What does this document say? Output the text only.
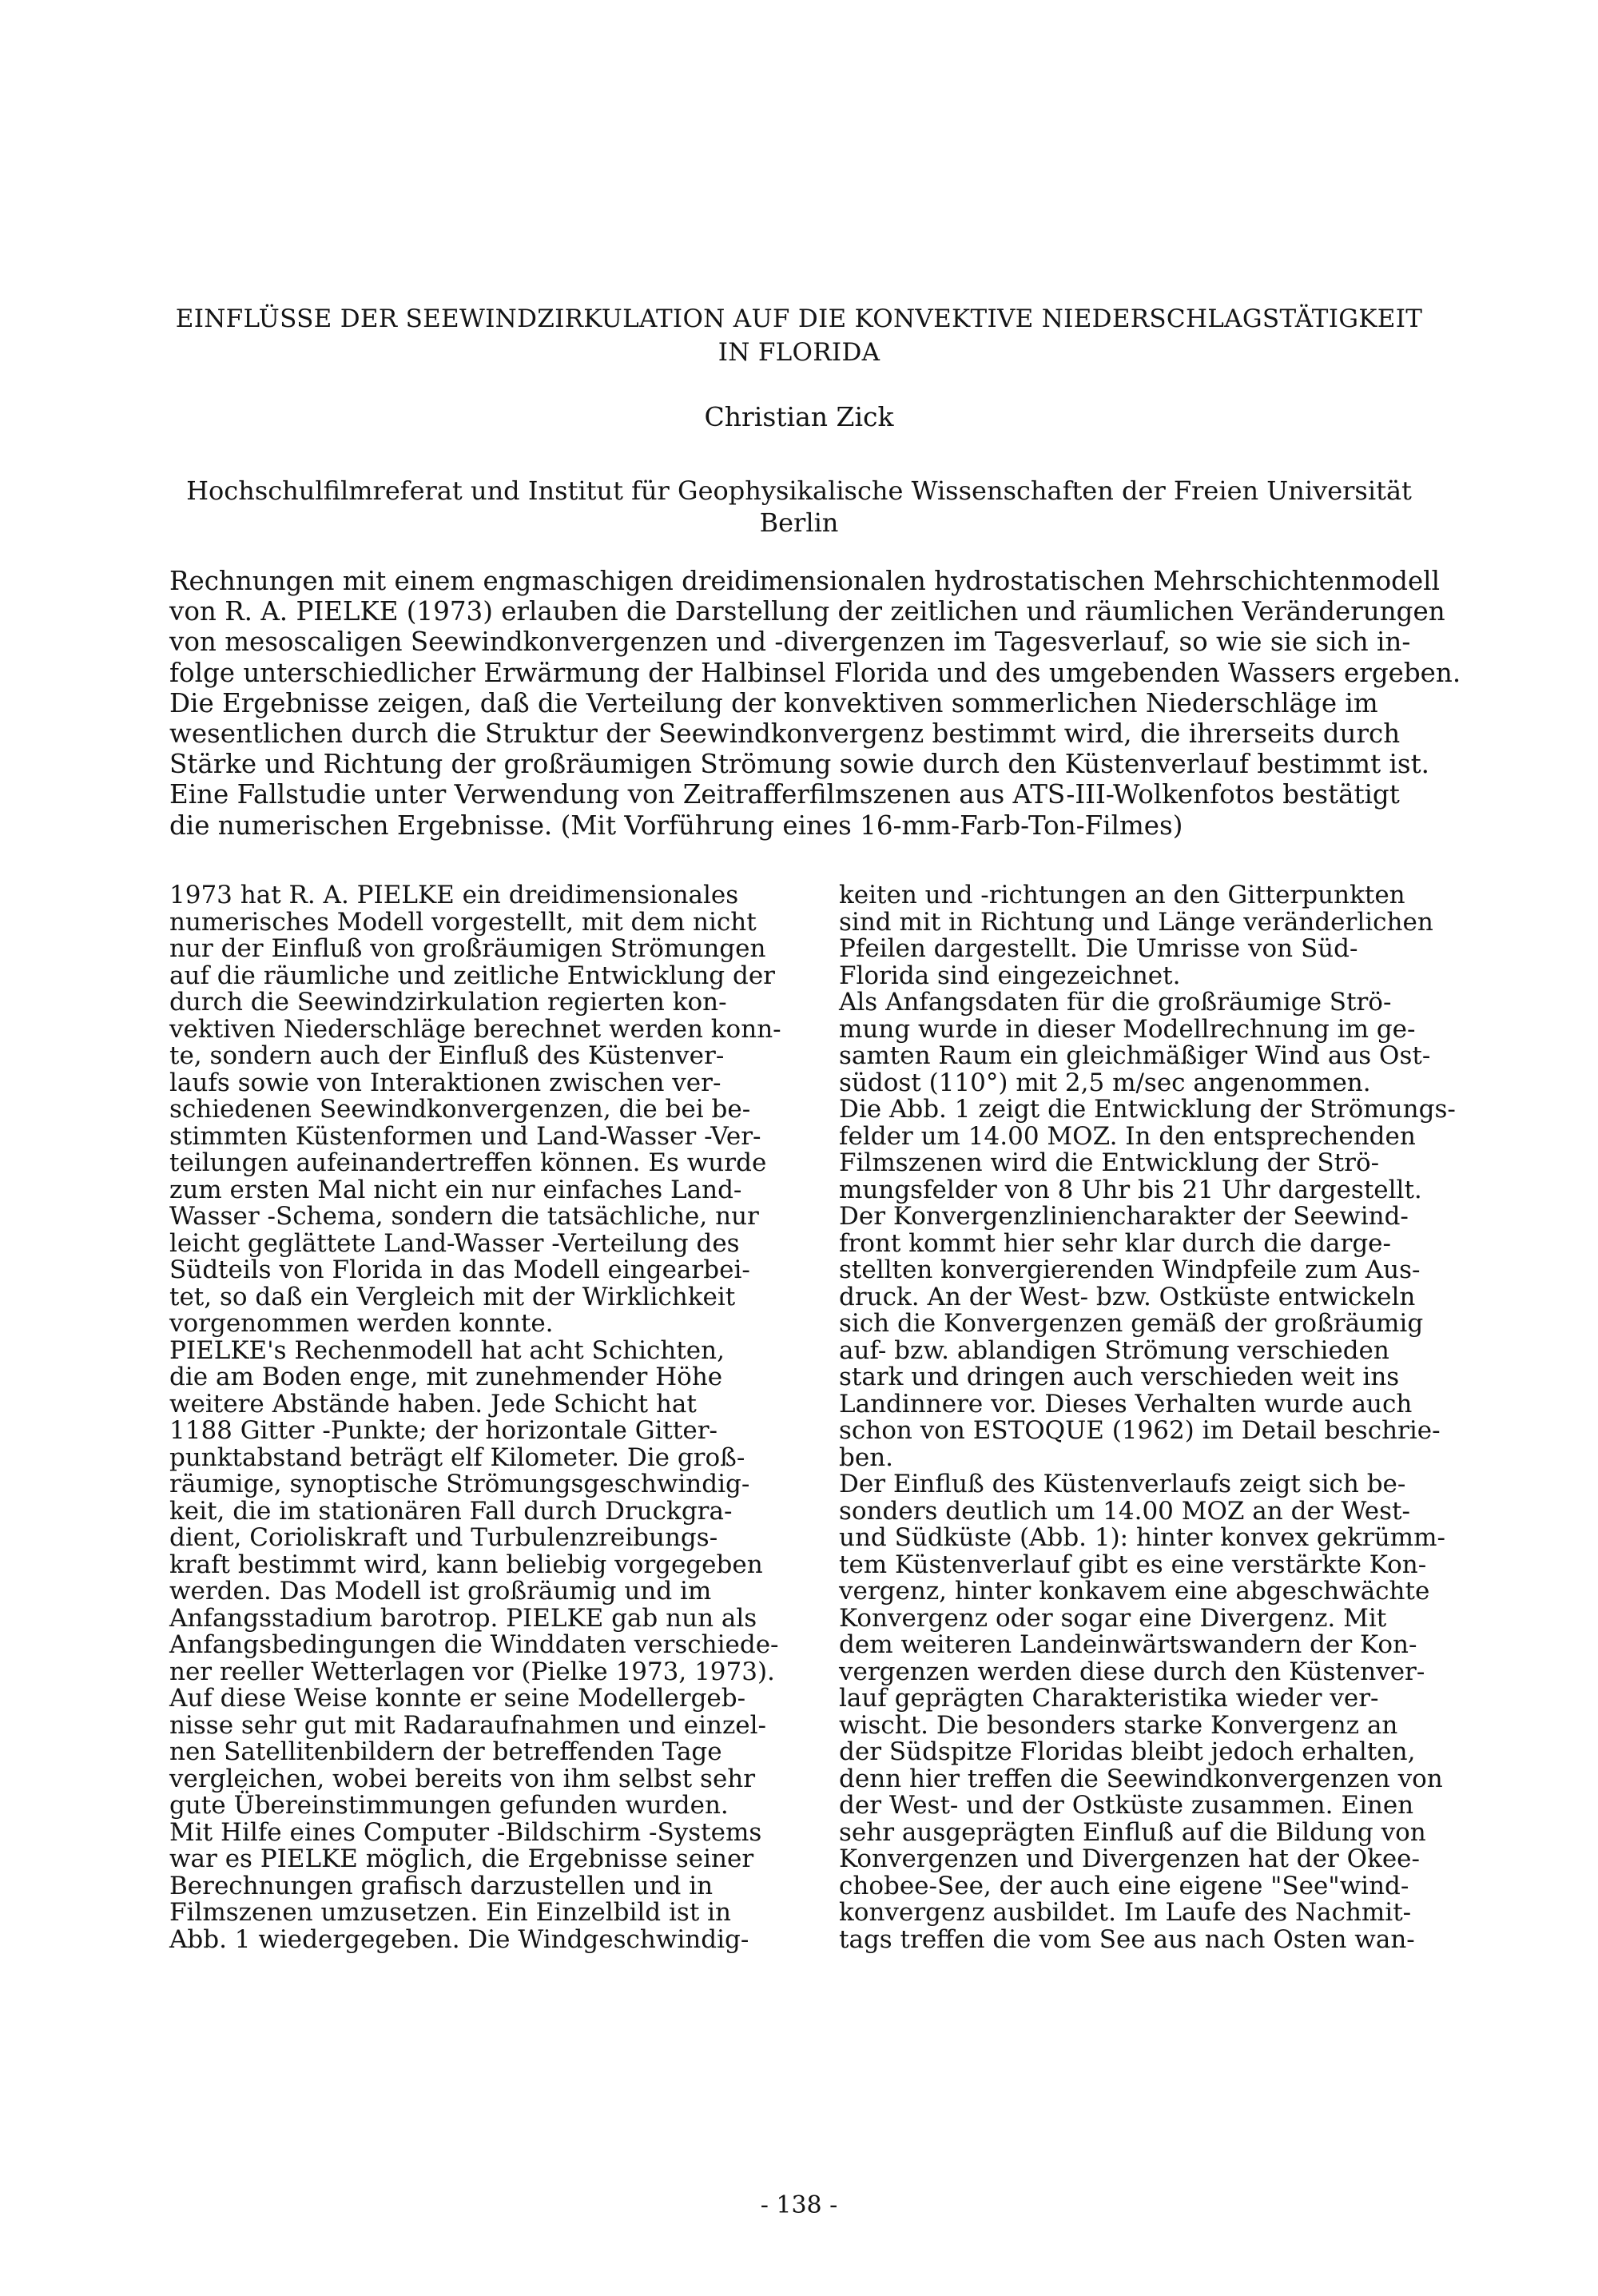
EINFLÜSSE DER SEEWINDZIRKULATION AUF DIE KONVEKTIVE NIEDERSCHLAGSTÄTIGKEIT
IN FLORIDA
Christian Zick
Hochschulfilmreferat und Institut für Geophysikalische Wissenschaften der Freien Universität
Berlin
Rechnungen mit einem engmaschigen dreidimensionalen hydrostatischen Mehrschichtenmodell
von R. A. PIELKE (1973) erlauben die Darstellung der zeitlichen und räumlichen Veränderungen
von mesoscaligen Seewindkonvergenzen und -divergenzen im Tagesverlauf, so wie sie sich in-
folge unterschiedlicher Erwärmung der Halbinsel Florida und des umgebenden Wassers ergeben.
Die Ergebnisse zeigen, daß die Verteilung der konvektiven sommerlichen Niederschläge im
wesentlichen durch die Struktur der Seewindkonvergenz bestimmt wird, die ihrerseits durch
Stärke und Richtung der großräumigen Strömung sowie durch den Küstenverlauf bestimmt ist.
Eine Fallstudie unter Verwendung von Zeitrafferfilmszenen aus ATS-III-Wolkenfotos bestätigt
die numerischen Ergebnisse. (Mit Vorführung eines 16-mm-Farb-Ton-Filmes)
1973 hat R. A. PIELKE ein dreidimensionales
numerisches Modell vorgestellt, mit dem nicht
nur der Einfluß von großräumigen Strömungen
auf die räumliche und zeitliche Entwicklung der
durch die Seewindzirkulation regierten kon-
vektiven Niederschläge berechnet werden konn-
te, sondern auch der Einfluß des Küstenver-
laufs sowie von Interaktionen zwischen ver-
schiedenen Seewindkonvergenzen, die bei be-
stimmten Küstenformen und Land-Wasser -Ver-
teilungen aufeinandertreffen können. Es wurde
zum ersten Mal nicht ein nur einfaches Land-
Wasser -Schema, sondern die tatsächliche, nur
leicht geglättete Land-Wasser -Verteilung des
Südteils von Florida in das Modell eingearbei-
tet, so daß ein Vergleich mit der Wirklichkeit
vorgenommen werden konnte.
PIELKE's Rechenmodell hat acht Schichten,
die am Boden enge, mit zunehmender Höhe
weitere Abstände haben. Jede Schicht hat
1188 Gitter -Punkte; der horizontale Gitter-
punktabstand beträgt elf Kilometer. Die groß-
räumige, synoptische Strömungsgeschwindig-
keit, die im stationären Fall durch Druckgra-
dient, Corioliskraft und Turbulenzreibungs-
kraft bestimmt wird, kann beliebig vorgegeben
werden. Das Modell ist großräumig und im
Anfangsstadium barotrop. PIELKE gab nun als
Anfangsbedingungen die Winddaten verschiede-
ner reeller Wetterlagen vor (Pielke 1973, 1973).
Auf diese Weise konnte er seine Modellergeb-
nisse sehr gut mit Radaraufnahmen und einzel-
nen Satellitenbildern der betreffenden Tage
vergleichen, wobei bereits von ihm selbst sehr
gute Übereinstimmungen gefunden wurden.
Mit Hilfe eines Computer -Bildschirm -Systems
war es PIELKE möglich, die Ergebnisse seiner
Berechnungen grafisch darzustellen und in
Filmszenen umzusetzen. Ein Einzelbild ist in
Abb. 1 wiedergegeben. Die Windgeschwindig-
keiten und -richtungen an den Gitterpunkten
sind mit in Richtung und Länge veränderlichen
Pfeilen dargestellt. Die Umrisse von Süd-
Florida sind eingezeichnet.
Als Anfangsdaten für die großräumige Strö-
mung wurde in dieser Modellrechnung im ge-
samten Raum ein gleichmäßiger Wind aus Ost-
südost (110°) mit 2,5 m/sec angenommen.
Die Abb. 1 zeigt die Entwicklung der Strömungs-
felder um 14.00 MOZ. In den entsprechenden
Filmszenen wird die Entwicklung der Strö-
mungsfelder von 8 Uhr bis 21 Uhr dargestellt.
Der Konvergenzliniencharakter der Seewind-
front kommt hier sehr klar durch die darge-
stellten konvergierenden Windpfeile zum Aus-
druck. An der West- bzw. Ostküste entwickeln
sich die Konvergenzen gemäß der großräumig
auf- bzw. ablandigen Strömung verschieden
stark und dringen auch verschieden weit ins
Landinnere vor. Dieses Verhalten wurde auch
schon von ESTOQUE (1962) im Detail beschrie-
ben.
Der Einfluß des Küstenverlaufs zeigt sich be-
sonders deutlich um 14.00 MOZ an der West-
und Südküste (Abb. 1): hinter konvex gekrümm-
tem Küstenverlauf gibt es eine verstärkte Kon-
vergenz, hinter konkavem eine abgeschwächte
Konvergenz oder sogar eine Divergenz. Mit
dem weiteren Landeinwärtswandern der Kon-
vergenzen werden diese durch den Küstenver-
lauf geprägten Charakteristika wieder ver-
wischt. Die besonders starke Konvergenz an
der Südspitze Floridas bleibt jedoch erhalten,
denn hier treffen die Seewindkonvergenzen von
der West- und der Ostküste zusammen. Einen
sehr ausgeprägten Einfluß auf die Bildung von
Konvergenzen und Divergenzen hat der Okee-
chobee-See, der auch eine eigene "See"wind-
konvergenz ausbildet. Im Laufe des Nachmit-
tags treffen die vom See aus nach Osten wan-
- 138 -
